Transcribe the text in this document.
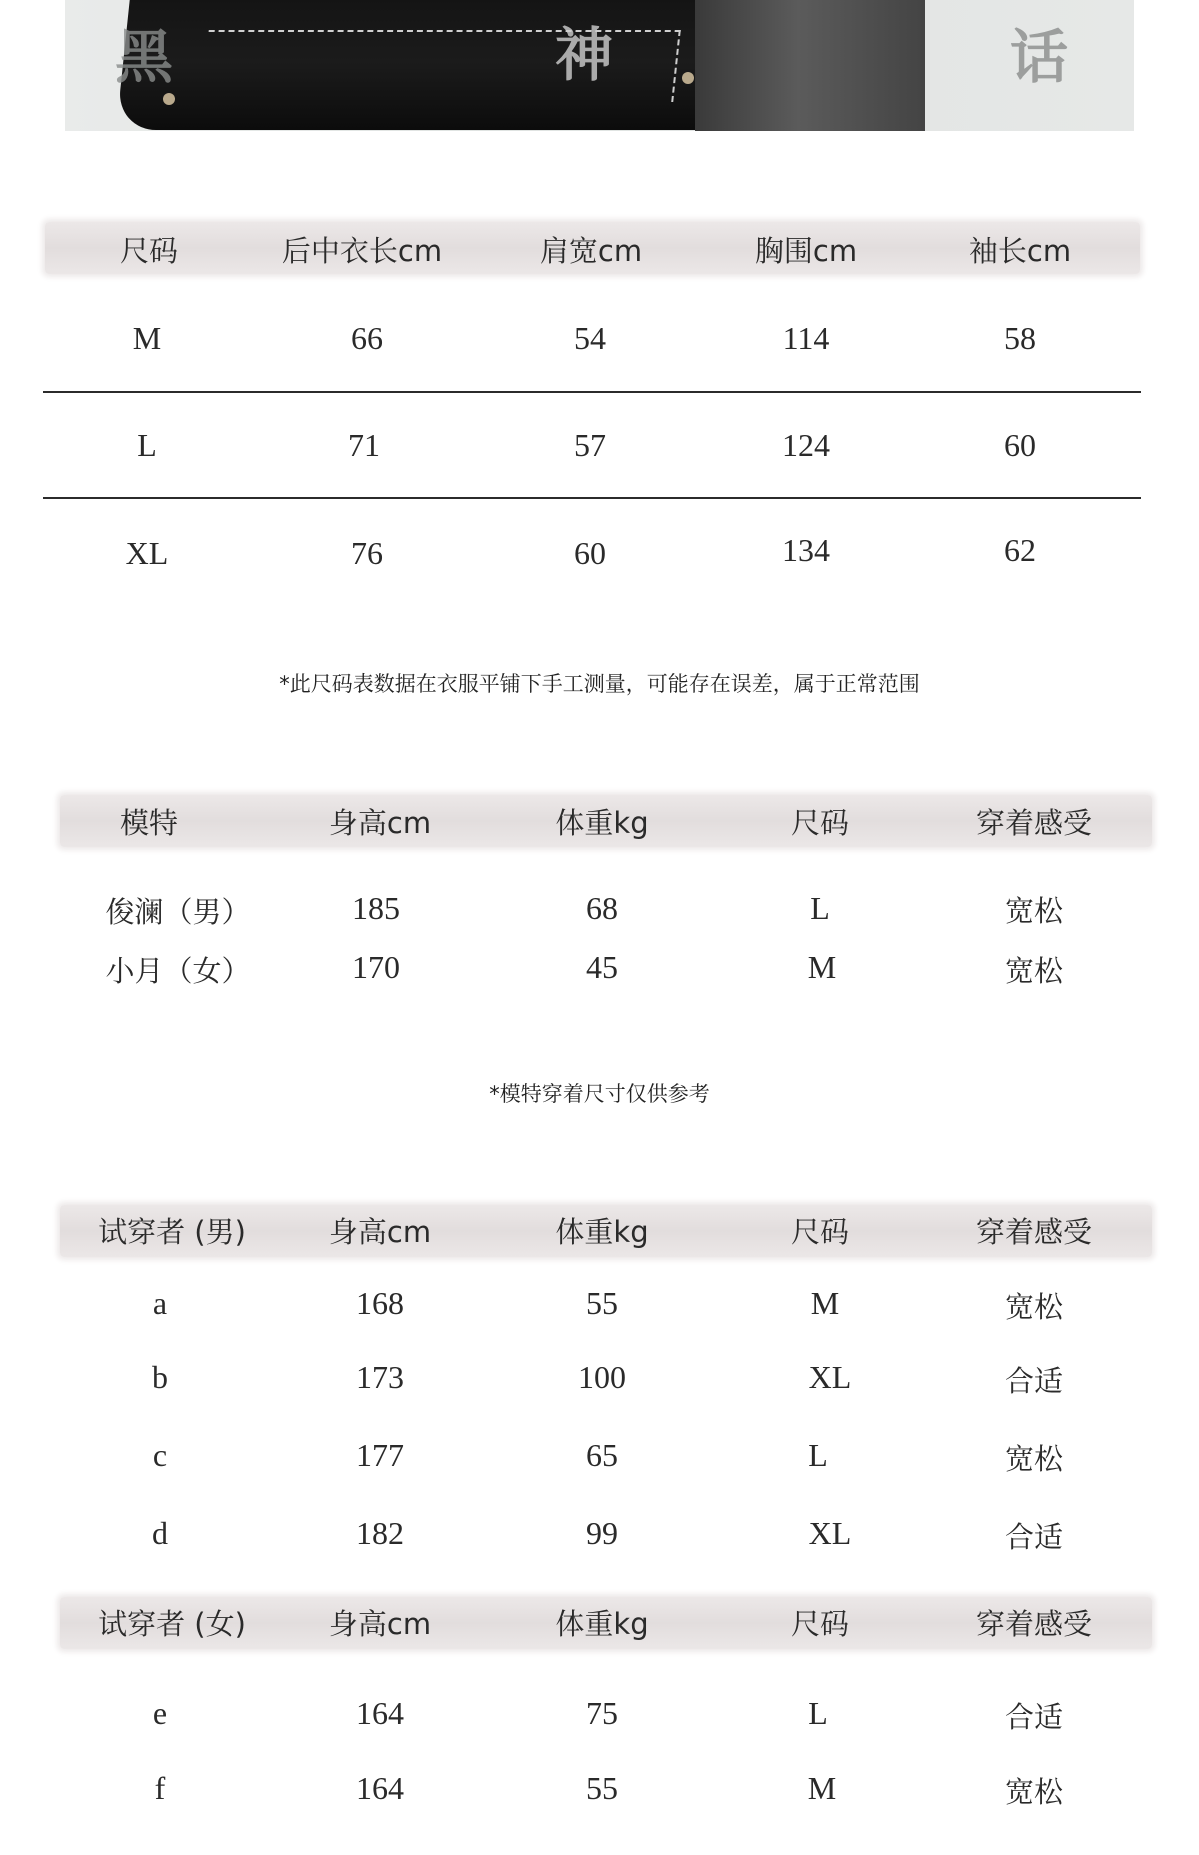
黑	神	话
尺码	后中衣长cm	肩宽cm	胸围cm	袖长cm
M	66	54	114	58
L	71	57	124	60
XL	76	60	134	62
*此尺码表数据在衣服平铺下手工测量，可能存在误差，属于正常范围
模特	身高cm	体重kg	尺码	穿着感受
俊澜（男）	185	68	L	宽松
小月（女）	170	45	M	宽松
*模特穿着尺寸仅供参考
试穿者 (男)	身高cm	体重kg	尺码	穿着感受
a	168	55	M	宽松
b	173	100	XL	合适
c	177	65	L	宽松
d	182	99	XL	合适
试穿者 (女)	身高cm	体重kg	尺码	穿着感受
e	164	75	L	合适
f	164	55	M	宽松
